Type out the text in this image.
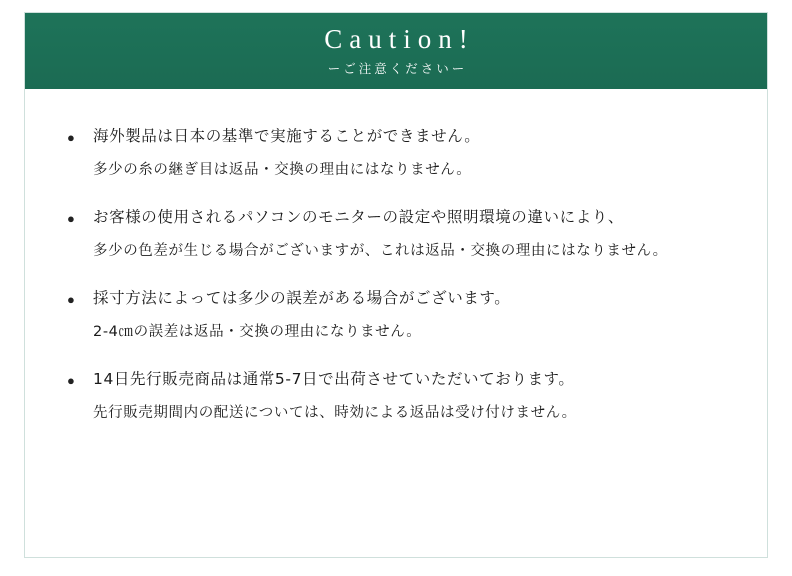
Caution!
ーご注意くださいー
●	海外製品は日本の基準で実施することができません。
多少の糸の継ぎ目は返品・交換の理由にはなりません。
●	お客様の使用されるパソコンのモニターの設定や照明環境の違いにより、
多少の色差が生じる場合がございますが、これは返品・交換の理由にはなりません。
●	採寸方法によっては多少の誤差がある場合がございます。
2-4㎝の誤差は返品・交換の理由になりません。
●	14日先行販売商品は通常5-7日で出荷させていただいております。
先行販売期間内の配送については、時効による返品は受け付けません。
